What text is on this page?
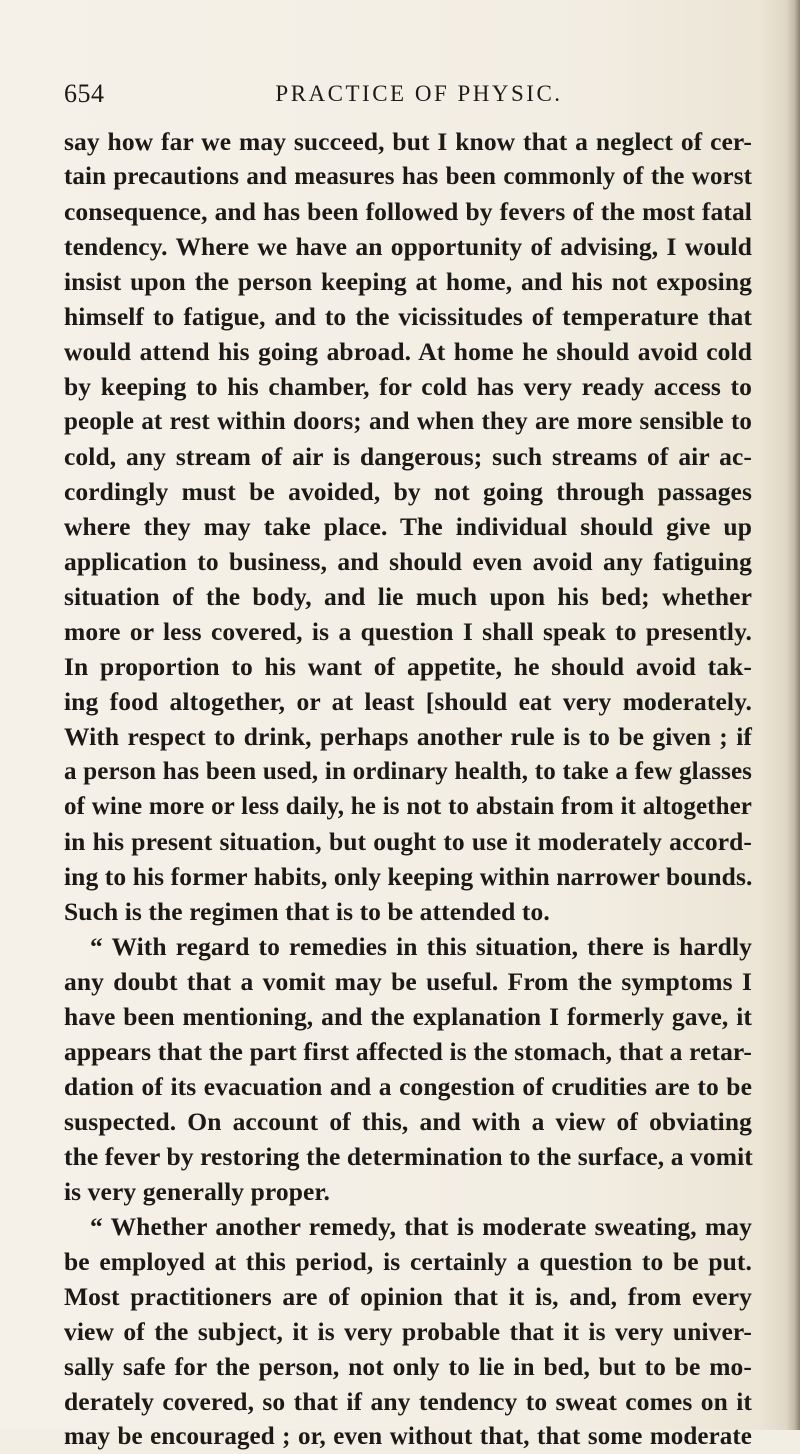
654	PRACTICE OF PHYSIC.
say how far we may succeed, but I know that a neglect of cer-
tain precautions and measures has been commonly of the worst
consequence, and has been followed by fevers of the most fatal
tendency. Where we have an opportunity of advising, I would
insist upon the person keeping at home, and his not exposing
himself to fatigue, and to the vicissitudes of temperature that
would attend his going abroad. At home he should avoid cold
by keeping to his chamber, for cold has very ready access to
people at rest within doors; and when they are more sensible to
cold, any stream of air is dangerous; such streams of air ac-
cordingly must be avoided, by not going through passages
where they may take place. The individual should give up
application to business, and should even avoid any fatiguing
situation of the body, and lie much upon his bed; whether
more or less covered, is a question I shall speak to presently.
In proportion to his want of appetite, he should avoid tak-
ing food altogether, or at least [should eat very moderately.
With respect to drink, perhaps another rule is to be given ; if
a person has been used, in ordinary health, to take a few glasses
of wine more or less daily, he is not to abstain from it altogether
in his present situation, but ought to use it moderately accord-
ing to his former habits, only keeping within narrower bounds.
Such is the regimen that is to be attended to.
“ With regard to remedies in this situation, there is hardly
any doubt that a vomit may be useful. From the symptoms I
have been mentioning, and the explanation I formerly gave, it
appears that the part first affected is the stomach, that a retar-
dation of its evacuation and a congestion of crudities are to be
suspected. On account of this, and with a view of obviating
the fever by restoring the determination to the surface, a vomit
is very generally proper.
“ Whether another remedy, that is moderate sweating, may
be employed at this period, is certainly a question to be put.
Most practitioners are of opinion that it is, and, from every
view of the subject, it is very probable that it is very univer-
sally safe for the person, not only to lie in bed, but to be mo-
derately covered, so that if any tendency to sweat comes on it
may be encouraged ; or, even without that, that some moderate
